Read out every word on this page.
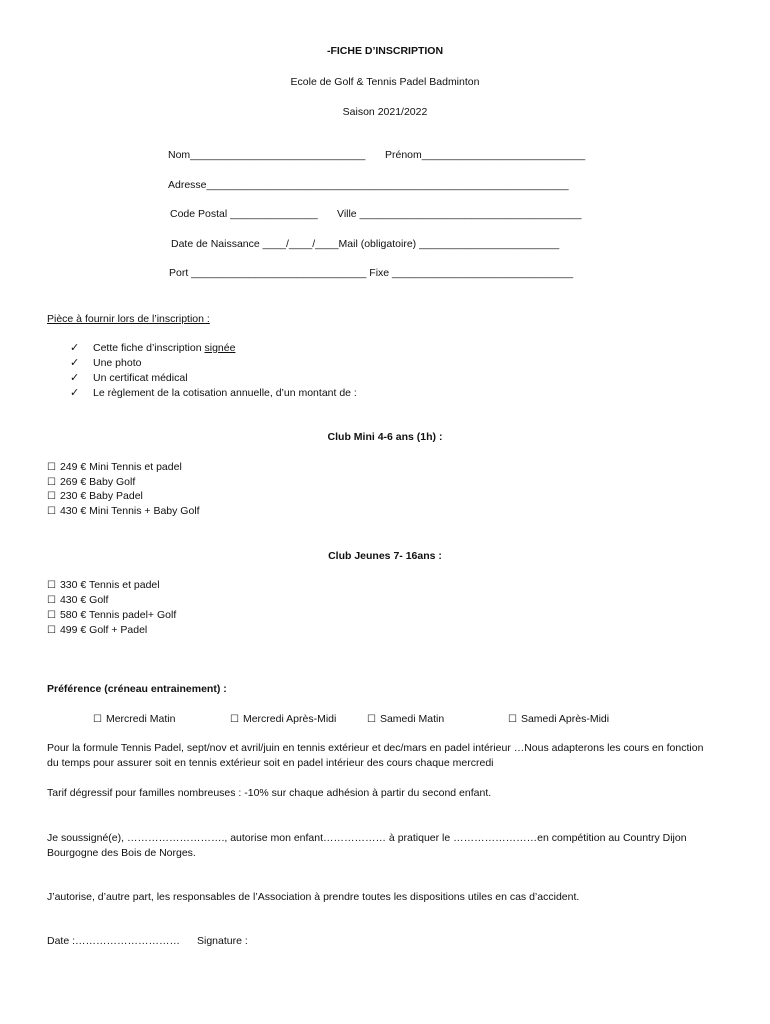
-FICHE D’INSCRIPTION
Ecole de Golf & Tennis Padel Badminton
Saison 2021/2022
Nom______________________________ Prénom____________________________
Adresse______________________________________________________________
Code Postal _______________ Ville ______________________________________
Date de Naissance ____/____/____Mail (obligatoire) ________________________
Port ______________________________ Fixe _______________________________
Pièce à fournir lors de l’inscription :
✓ Cette fiche d’inscription signée
✓ Une photo
✓ Un certificat médical
✓ Le règlement de la cotisation annuelle, d’un montant de :
Club Mini 4-6 ans (1h) :
☐ 249 € Mini Tennis et padel
☐ 269 € Baby Golf
☐ 230 € Baby Padel
☐ 430 € Mini Tennis + Baby Golf
Club Jeunes 7- 16ans :
☐ 330 € Tennis et padel
☐ 430 € Golf
☐ 580 € Tennis padel+ Golf
☐ 499 € Golf + Padel
Préférence (créneau entrainement) :
☐ Mercredi Matin	☐ Mercredi Après-Midi	☐ Samedi Matin	☐ Samedi Après-Midi
Pour la formule Tennis Padel, sept/nov et avril/juin en tennis extérieur et dec/mars en padel intérieur …Nous adapterons les cours en fonction du temps pour assurer soit en tennis extérieur soit en padel intérieur des cours chaque mercredi
Tarif dégressif pour familles nombreuses : -10% sur chaque adhésion à partir du second enfant.
Je soussigné(e), ………………………., autorise mon enfant……………… à pratiquer le ……………………en compétition au Country Dijon Bourgogne des Bois de Norges.
J’autorise, d’autre part, les responsables de l’Association à prendre toutes les dispositions utiles en cas d’accident.
Date :………………………… Signature :
